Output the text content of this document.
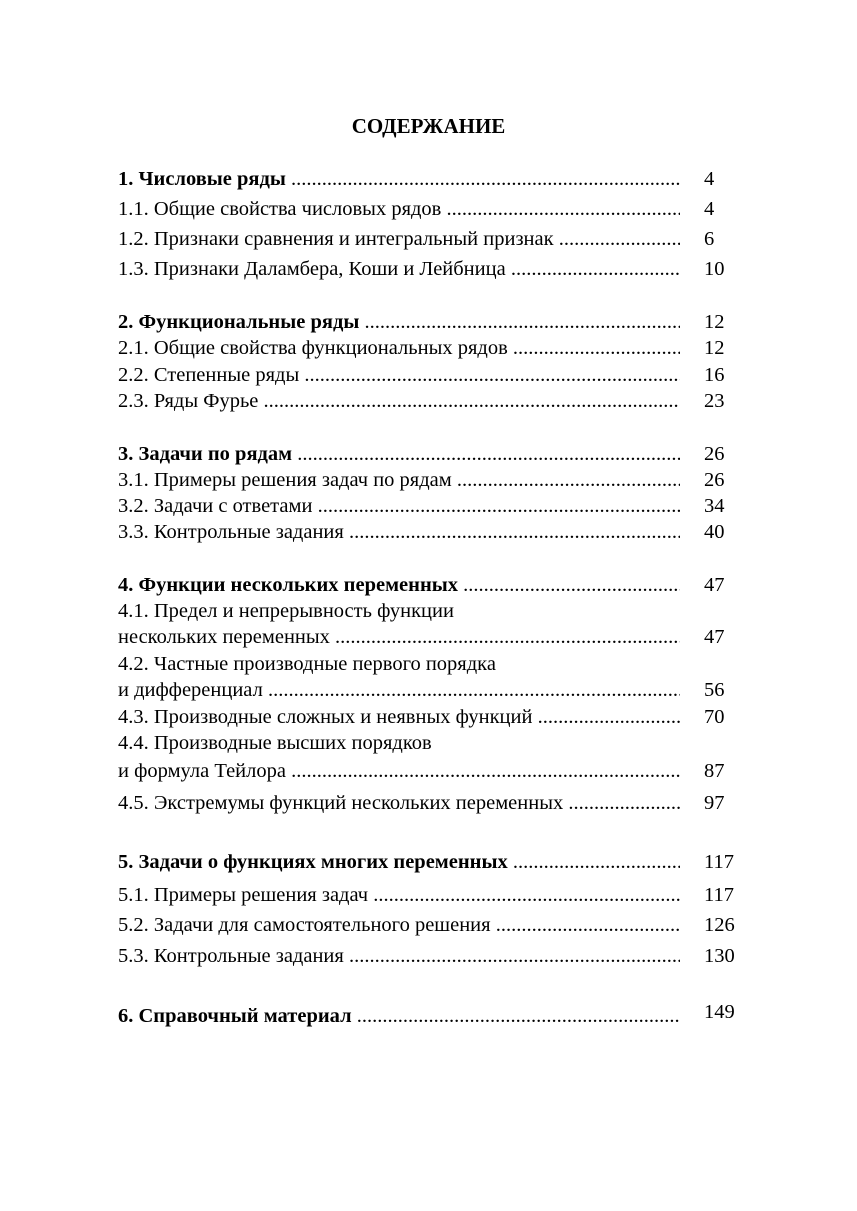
СОДЕРЖАНИЕ
1. Числовые ряды .....	4
1.1. Общие свойства числовых рядов .....	4
1.2. Признаки сравнения и интегральный признак .....	6
1.3. Признаки Даламбера, Коши и Лейбница .....	10
2. Функциональные ряды .....	12
2.1. Общие свойства функциональных рядов .....	12
2.2. Степенные ряды .....	16
2.3. Ряды Фурье .....	23
3. Задачи по рядам .....	26
3.1. Примеры решения задач по рядам .....	26
3.2. Задачи с ответами .....	34
3.3. Контрольные задания .....	40
4. Функции нескольких переменных .....	47
4.1. Предел и непрерывность функции
нескольких переменных .....	47
4.2. Частные производные первого порядка
и дифференциал .....	56
4.3. Производные сложных и неявных функций .....	70
4.4. Производные высших порядков
и формула Тейлора .....	87
4.5. Экстремумы функций нескольких переменных .....	97
5. Задачи о функциях многих переменных .....	117
5.1. Примеры решения задач .....	117
5.2. Задачи для самостоятельного решения .....	126
5.3. Контрольные задания .....	130
6. Справочный материал .....	149
